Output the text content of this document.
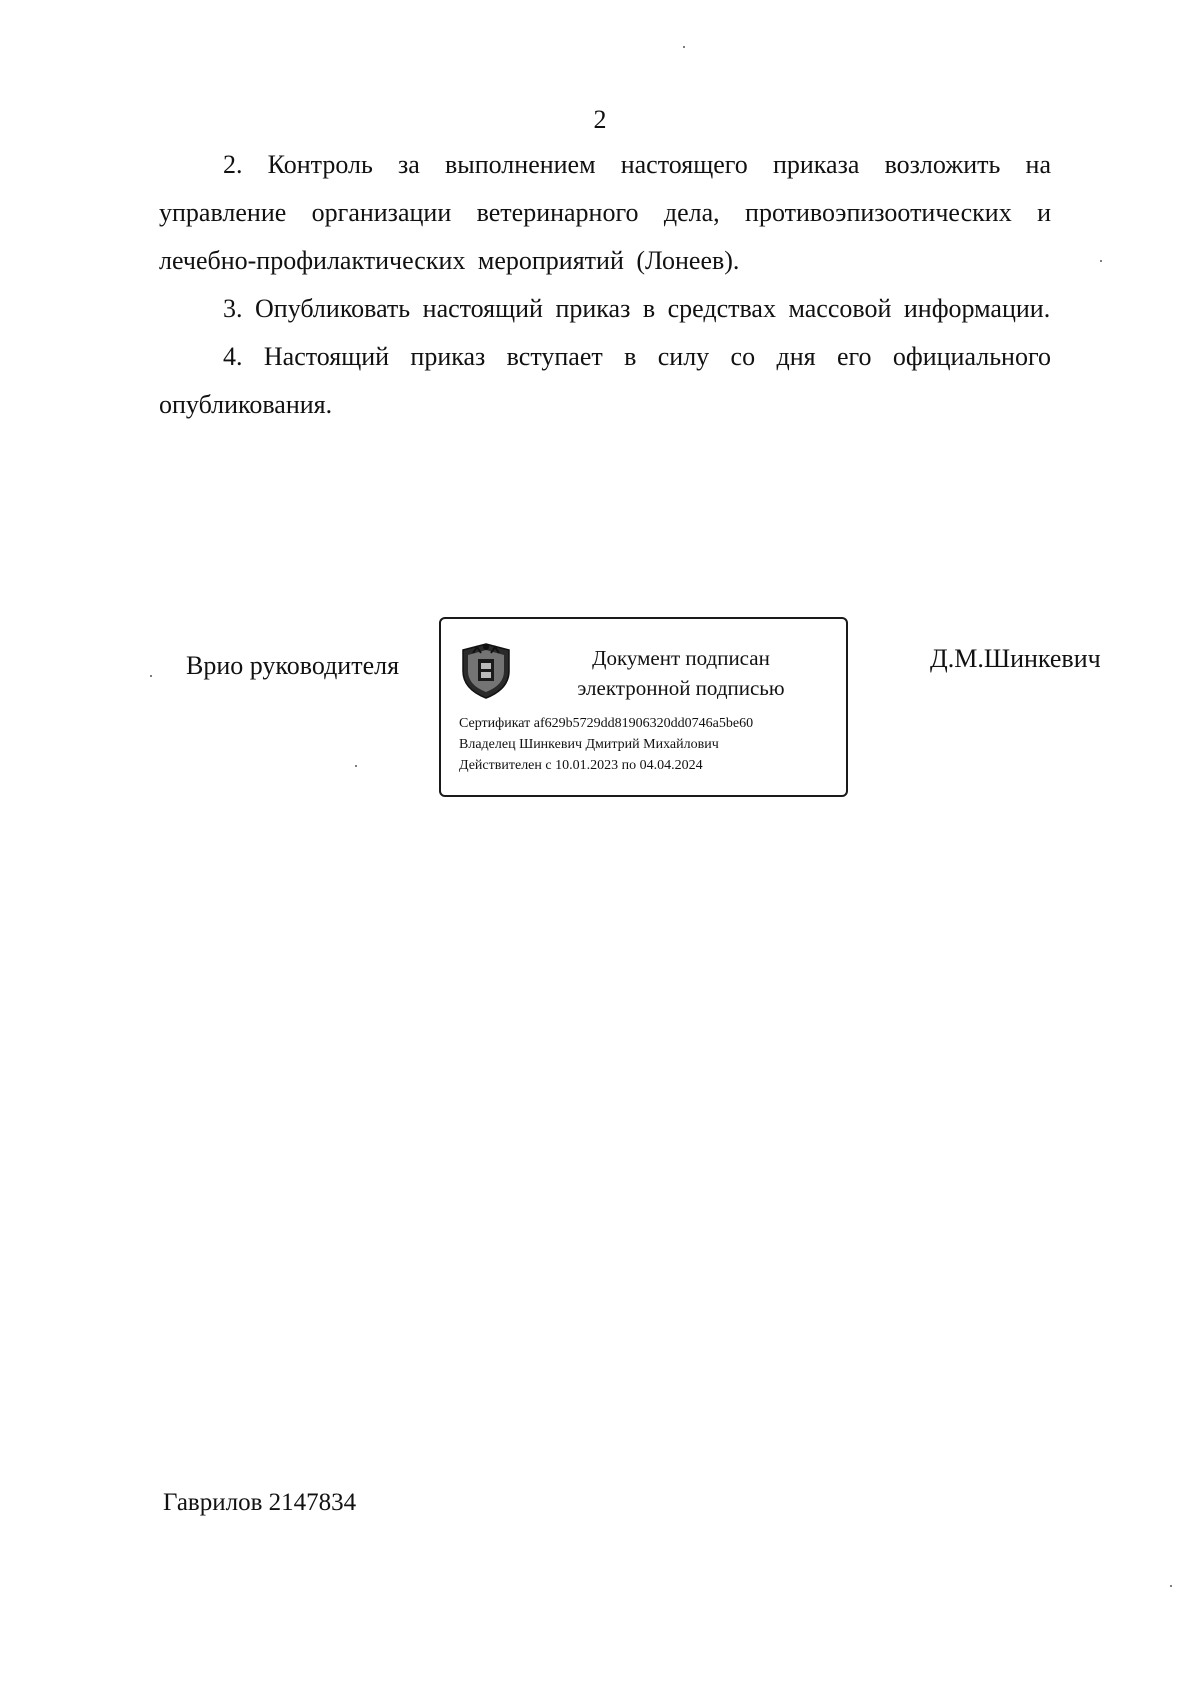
2

2. Контроль за выполнением настоящего приказа возложить на управление организации ветеринарного дела, противоэпизоотических и лечебно-профилактических мероприятий (Лонеев).

3. Опубликовать настоящий приказ в средствах массовой информации.

4. Настоящий приказ вступает в силу со дня его официального опубликования.

Врио руководителя	Документ подписан
электронной подписью
Сертификат af629b5729dd81906320dd0746a5be60
Владелец Шинкевич Дмитрий Михайлович
Действителен с 10.01.2023 по 04.04.2024
Д.М.Шинкевич
Гаврилов 2147834
